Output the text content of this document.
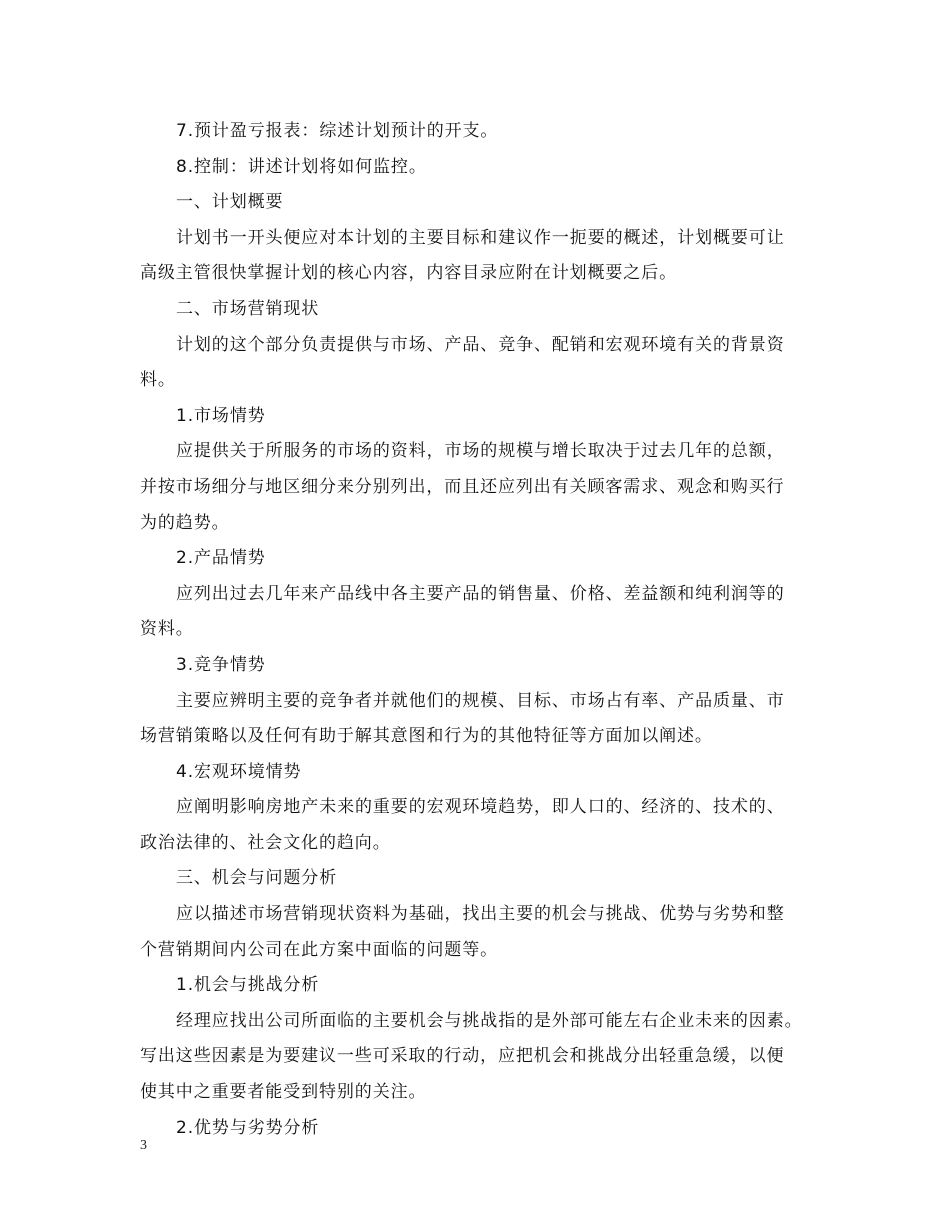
7.预计盈亏报表：综述计划预计的开支。

8.控制：讲述计划将如何监控。

一、计划概要

计划书一开头便应对本计划的主要目标和建议作一扼要的概述，计划概要可让
高级主管很快掌握计划的核心内容，内容目录应附在计划概要之后。

二、市场营销现状

计划的这个部分负责提供与市场、产品、竞争、配销和宏观环境有关的背景资
料。

1.市场情势

应提供关于所服务的市场的资料，市场的规模与增长取决于过去几年的总额，
并按市场细分与地区细分来分别列出，而且还应列出有关顾客需求、观念和购买行
为的趋势。

2.产品情势

应列出过去几年来产品线中各主要产品的销售量、价格、差益额和纯利润等的
资料。

3.竞争情势

主要应辨明主要的竞争者并就他们的规模、目标、市场占有率、产品质量、市
场营销策略以及任何有助于解其意图和行为的其他特征等方面加以阐述。

4.宏观环境情势

应阐明影响房地产未来的重要的宏观环境趋势，即人口的、经济的、技术的、
政治法律的、社会文化的趋向。

三、机会与问题分析

应以描述市场营销现状资料为基础，找出主要的机会与挑战、优势与劣势和整
个营销期间内公司在此方案中面临的问题等。

1.机会与挑战分析

经理应找出公司所面临的主要机会与挑战指的是外部可能左右企业未来的因素。
写出这些因素是为要建议一些可采取的行动，应把机会和挑战分出轻重急缓，以便
使其中之重要者能受到特别的关注。

2.优势与劣势分析

3
